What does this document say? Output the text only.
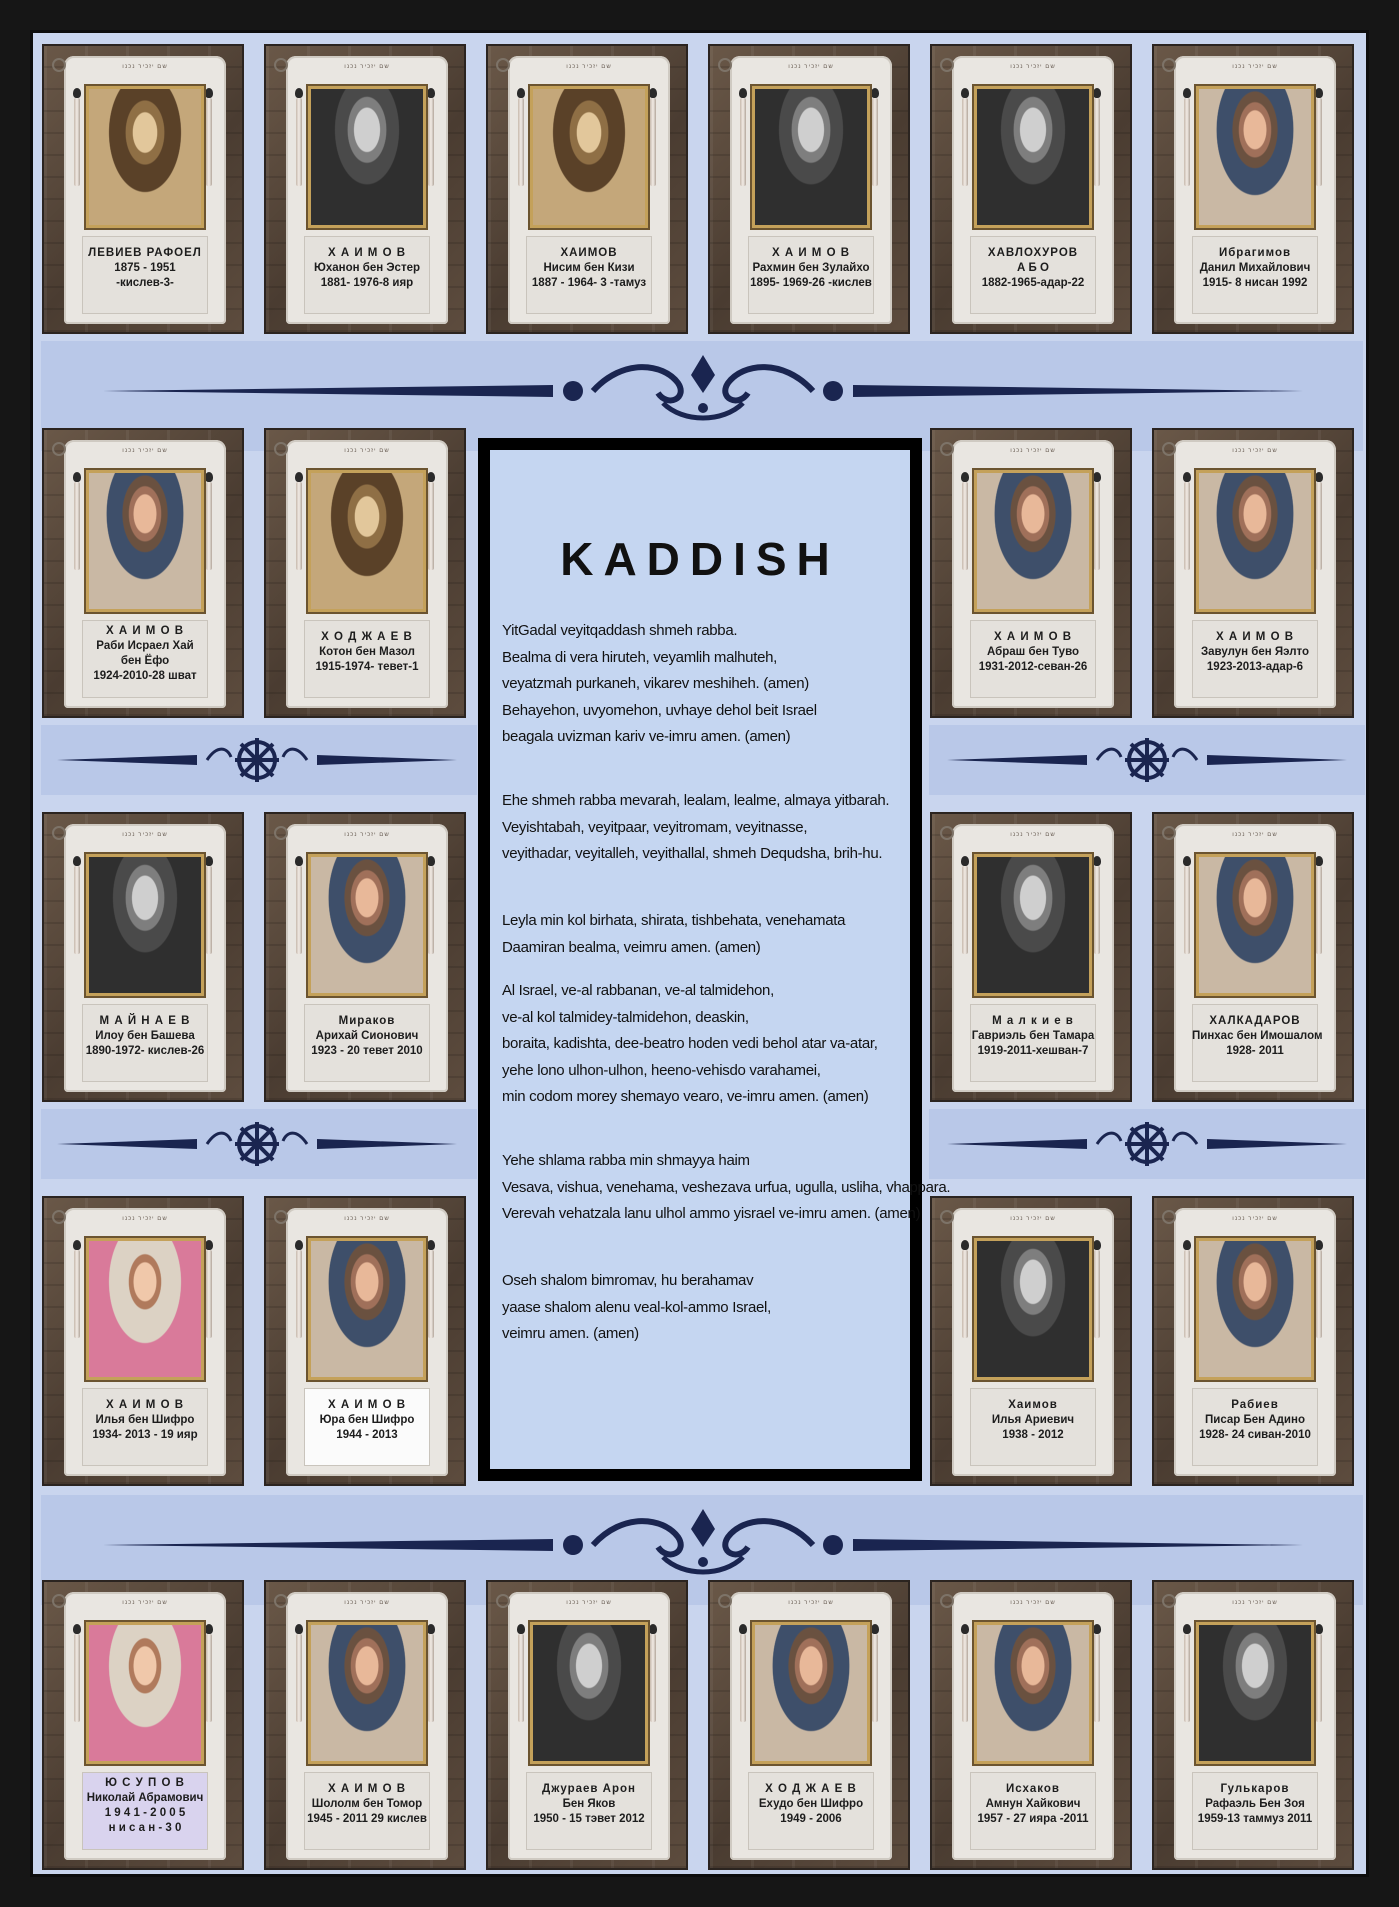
KADDISH
YitGadal veyitqaddash shmeh rabba.
Bealma di vera hiruteh, veyamlih malhuteh,
veyatzmah purkaneh, vikarev meshiheh. (amen)
Behayehon, uvyomehon, uvhaye dehol beit Israel
beagala uvizman kariv ve-imru amen. (amen)
Ehe shmeh rabba mevarah, lealam, lealme, almaya yitbarah.
Veyishtabah, veyitpaar, veyitromam, veyitnasse,
veyithadar, veyitalleh, veyithallal, shmeh Dequdsha, brih-hu.
Leyla min kol birhata, shirata, tishbehata, venehamata
Daamiran bealma, veimru amen. (amen)
Al Israel, ve-al rabbanan, ve-al talmidehon,
ve-al kol talmidey-talmidehon, deaskin,
boraita, kadishta, dee-beatro hoden vedi behol atar va-atar,
yehe lono ulhon-ulhon, heeno-vehisdo varahamei,
min codom morey shemayo vearo, ve-imru amen. (amen)
Yehe shlama rabba min shmayya haim
Vesava, vishua, venehama, veshezava urfua, ugulla, usliha, vhappara.
Verevah vehatzala lanu ulhol ammo yisrael ve-imru amen. (amen)
Oseh shalom bimromav, hu berahamav
yaase shalom alenu veal-kol-ammo Israel,
veimru amen. (amen)
שם יזכיר נכנו
ЛЕВИЕВ РАФОЕЛ
1875 - 1951
-кислев-3-
שם יזכיר נכנו
Х А И М О В
Юханон бен Эстер
1881- 1976-8 ияр
שם יזכיר נכנו
ХАИМОВ
Нисим бен Кизи
1887 - 1964- 3 -тамуз
שם יזכיר נכנו
Х А И М О В
Рахмин бен Зулайхо
1895- 1969-26 -кислев
שם יזכיר נכנו
ХАВЛОХУРОВ
А Б О
1882-1965-адар-22
שם יזכיר נכנו
Ибрагимов
Данил Михайлович
1915- 8 нисан 1992
שם יזכיר נכנו
Х А И М О В
Раби Исраел Хай
бен Ёфо
1924-2010-28 шват
שם יזכיר נכנו
Х О Д Ж А Е В
Котон бен Мазол
1915-1974- тевет-1
שם יזכיר נכנו
Х А И М О В
Абраш бен Туво
1931-2012-севан-26
שם יזכיר נכנו
Х А И М О В
Завулун бен Яэлто
1923-2013-адар-6
שם יזכיר נכנו
М А Й Н А Е В
Илоу бен Башева
1890-1972- кислев-26
שם יזכיר נכנו
Мираков
Арихай Сионович
1923 - 20 тевет 2010
שם יזכיר נכנו
М а л к и е в
Гавриэль бен Тамара
1919-2011-хешван-7
שם יזכיר נכנו
ХАЛКАДАРОВ
Пинхас бен Имошалом
1928- 2011
שם יזכיר נכנו
Х А И М О В
Илья бен Шифро
1934- 2013 - 19 ияр
שם יזכיר נכנו
Х А И М О В
Юра бен Шифро
1944 - 2013
שם יזכיר נכנו
Хаимов
Илья Ариевич
1938 - 2012
שם יזכיר נכנו
Рабиев
Писар Бен Адино
1928- 24 сиван-2010
שם יזכיר נכנו
Ю С У П О В
Николай Абрамович
1 9 4 1 - 2 0 0 5
н и с а н - 3 0
שם יזכיר נכנו
Х А И М О В
Шололм бен Томор
1945 - 2011 29 кислев
שם יזכיר נכנו
Джураев Арон
Бен Яков
1950 - 15 тэвет 2012
שם יזכיר נכנו
Х О Д Ж А Е В
Ехудо бен Шифро
1949 - 2006
שם יזכיר נכנו
Исхаков
Амнун Хайкович
1957 - 27 ияра -2011
שם יזכיר נכנו
Гулькаров
Рафаэль Бен Зоя
1959-13 таммуз 2011
